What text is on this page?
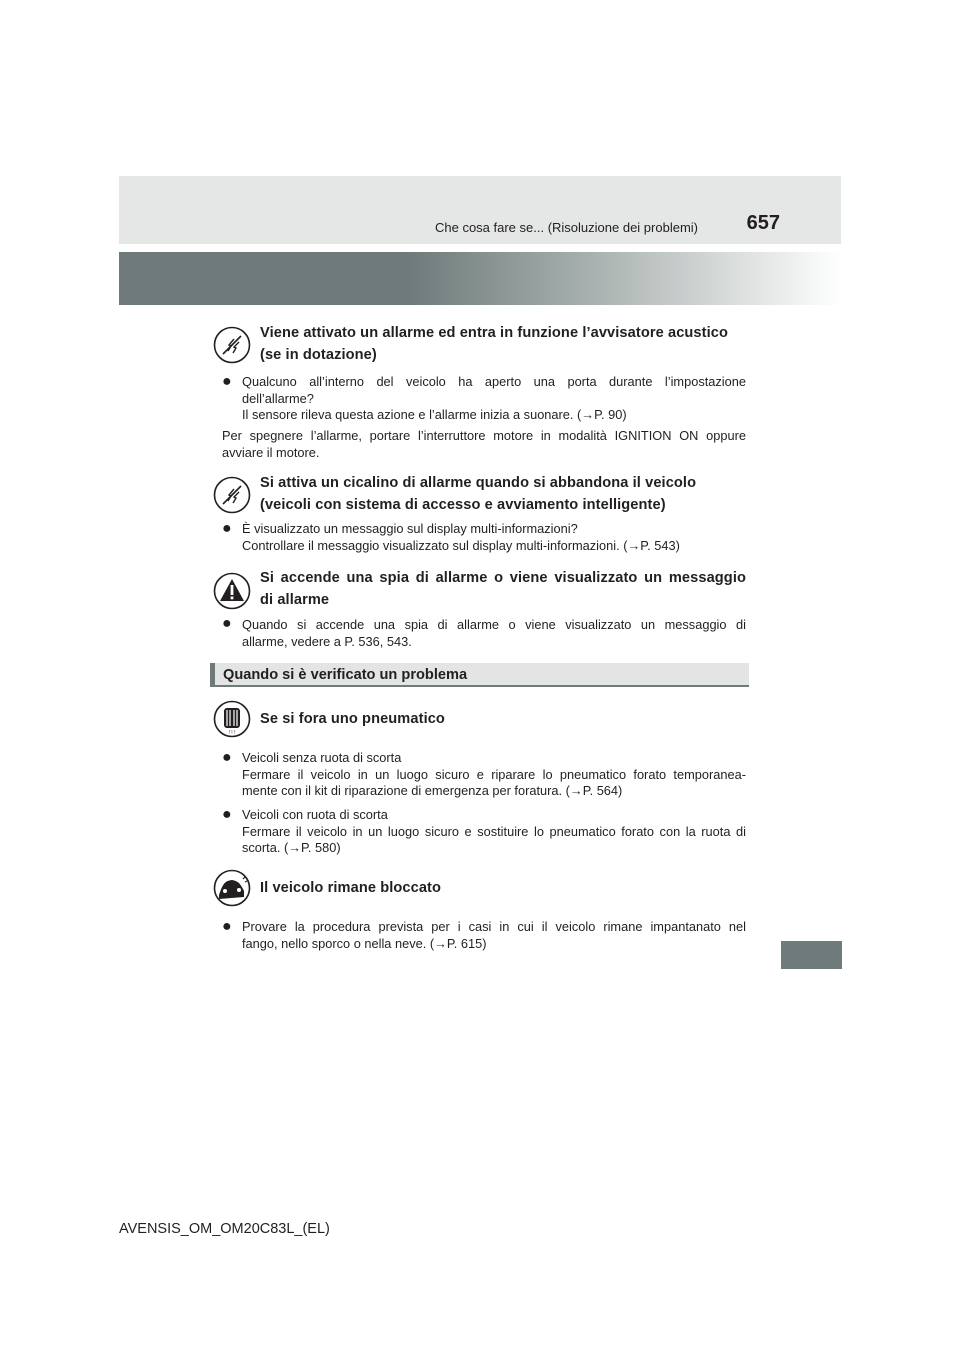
Che cosa fare se... (Risoluzione dei problemi)	657
Viene attivato un allarme ed entra in funzione l’avvisatore acustico
(se in dotazione)
● Qualcuno all’interno del veicolo ha aperto una porta durante l’impostazione
dell’allarme?
Il sensore rileva questa azione e l’allarme inizia a suonare. (→P. 90)
Per spegnere l’allarme, portare l’interruttore motore in modalità IGNITION ON oppure
avviare il motore.
Si attiva un cicalino di allarme quando si abbandona il veicolo
(veicoli con sistema di accesso e avviamento intelligente)
● È visualizzato un messaggio sul display multi-informazioni?
Controllare il messaggio visualizzato sul display multi-informazioni. (→P. 543)
Si accende una spia di allarme o viene visualizzato un messaggio
di allarme
● Quando si accende una spia di allarme o viene visualizzato un messaggio di
allarme, vedere a P. 536, 543.
Quando si è verificato un problema
! ! !
Se si fora uno pneumatico
● Veicoli senza ruota di scorta
Fermare il veicolo in un luogo sicuro e riparare lo pneumatico forato temporanea-
mente con il kit di riparazione di emergenza per foratura. (→P. 564)
● Veicoli con ruota di scorta
Fermare il veicolo in un luogo sicuro e sostituire lo pneumatico forato con la ruota di
scorta. (→P. 580)
Il veicolo rimane bloccato
● Provare la procedura prevista per i casi in cui il veicolo rimane impantanato nel
fango, nello sporco o nella neve. (→P. 615)
AVENSIS_OM_OM20C83L_(EL)
